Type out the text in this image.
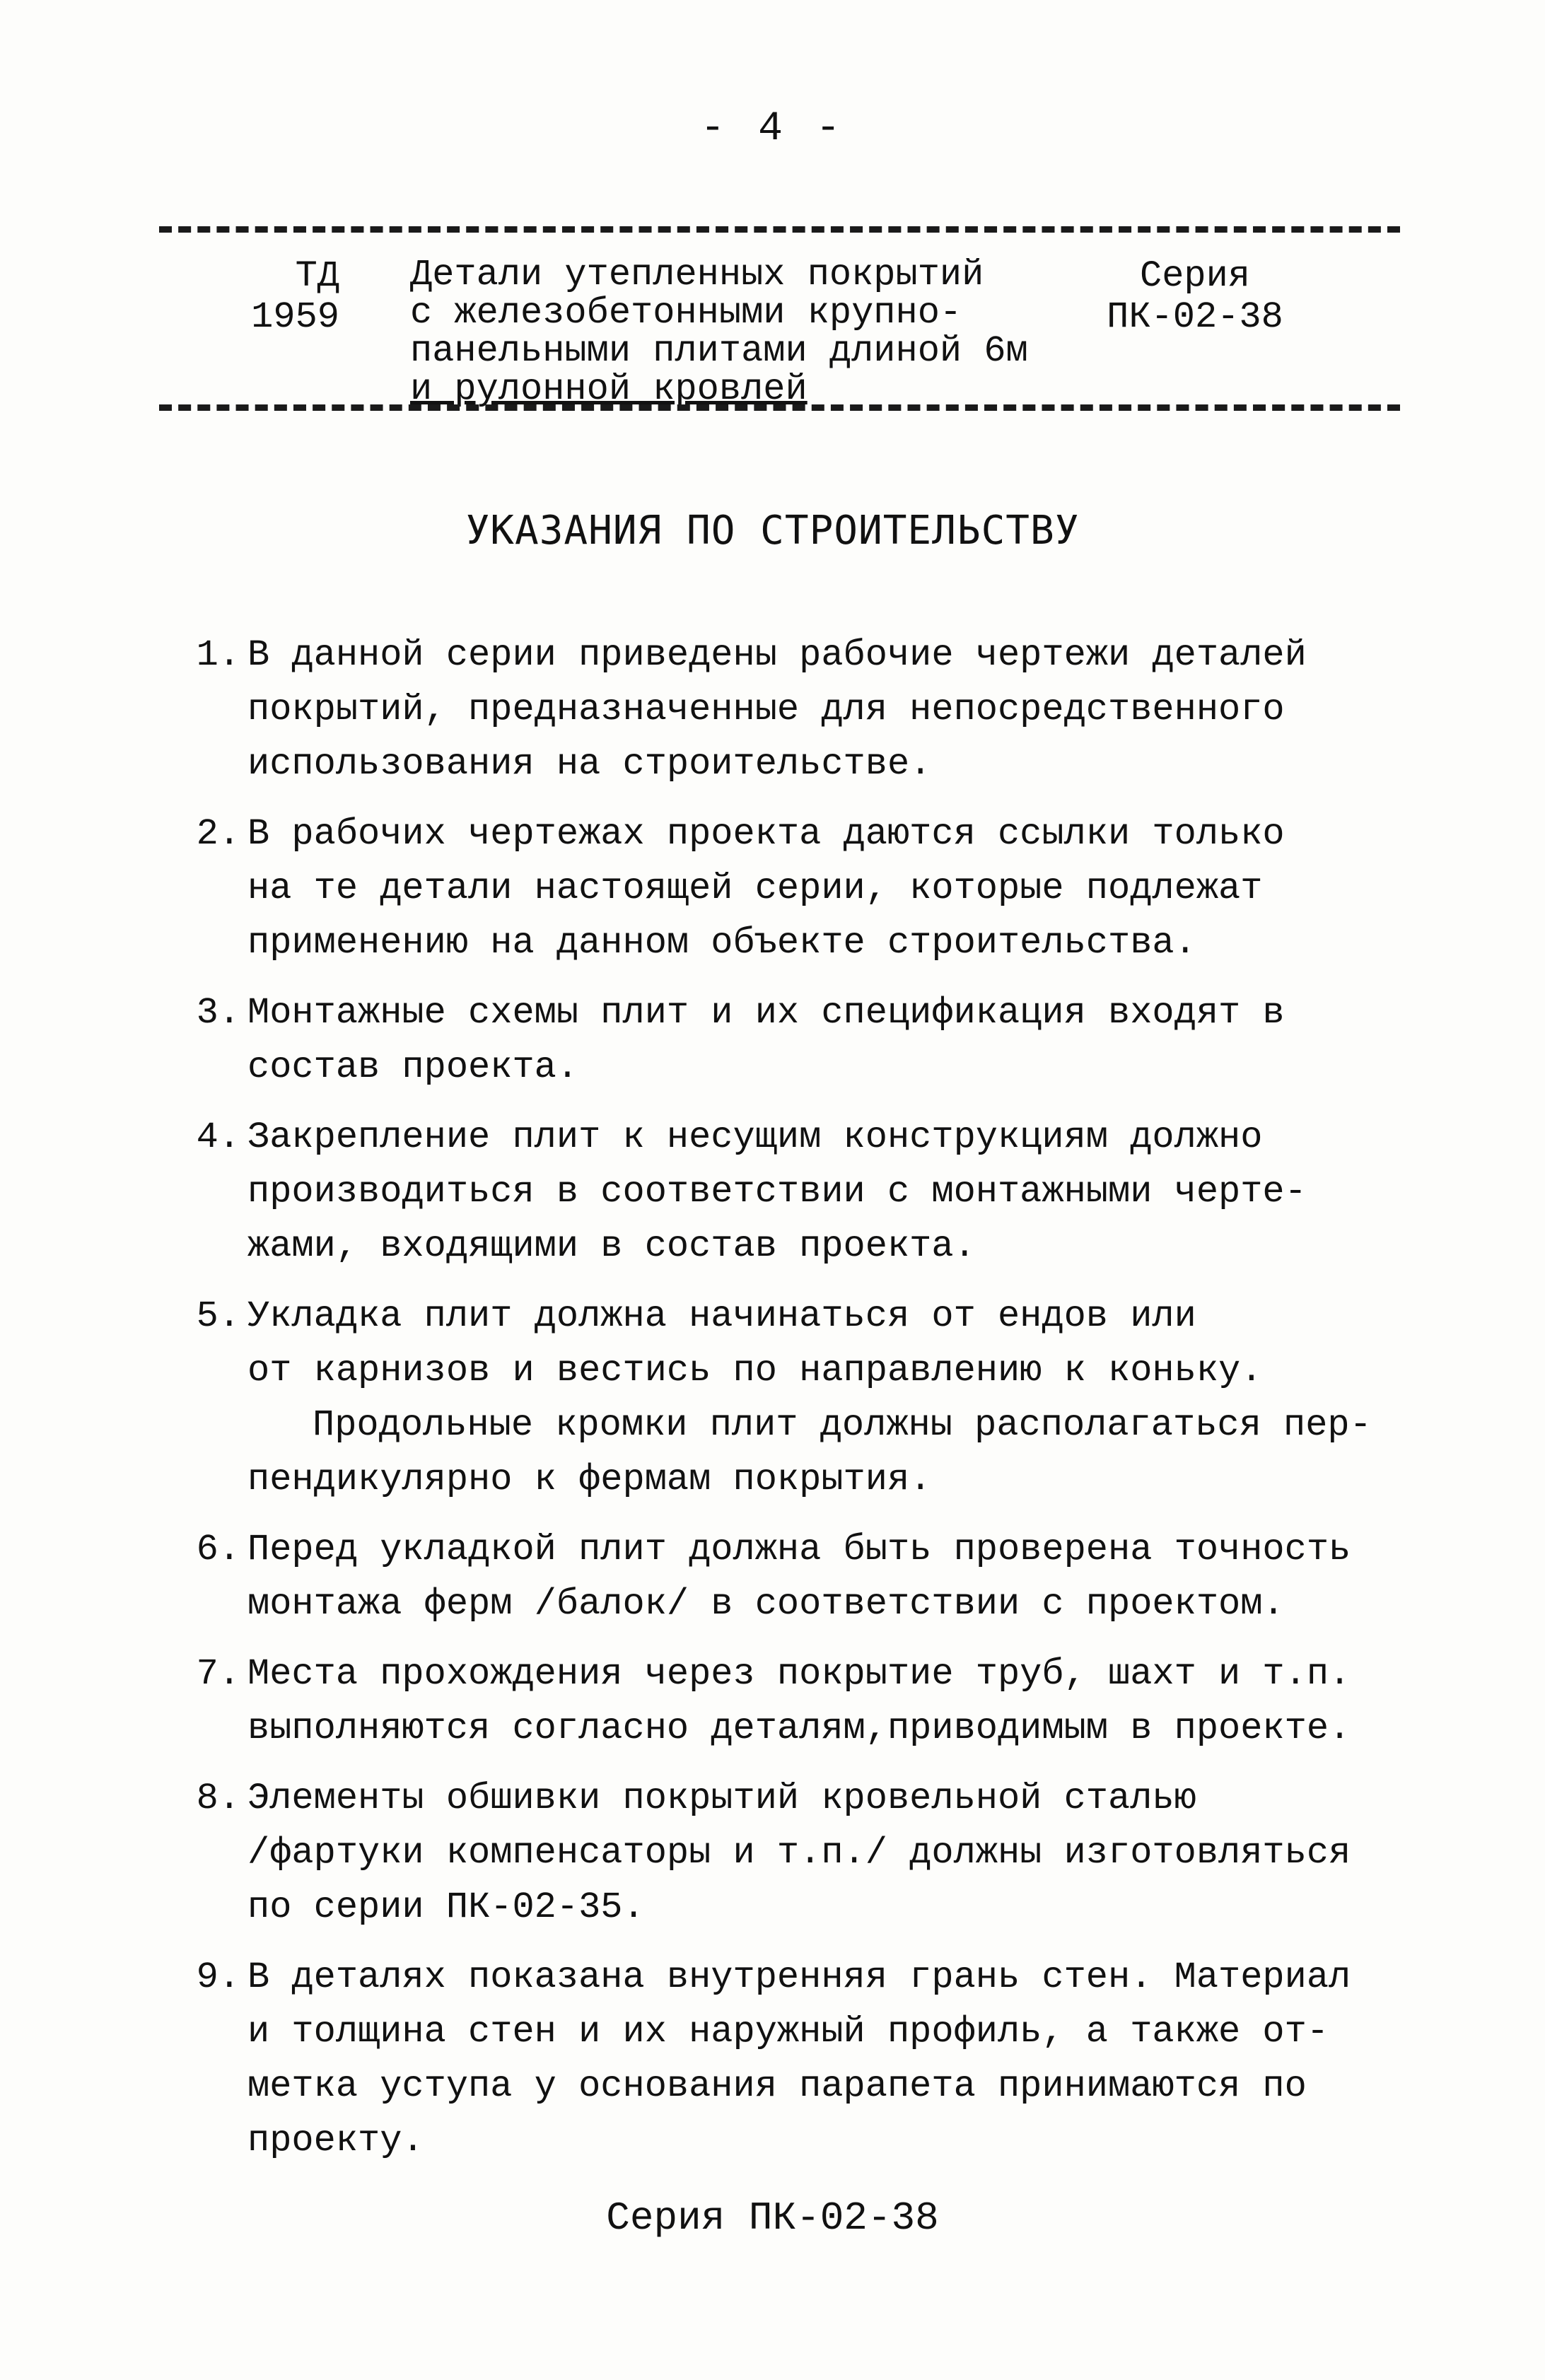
- 4 -
ТД
1959
Детали утепленных покрытий
с железобетонными крупно-
панельными плитами длиной 6м
и рулонной кровлей
Серия
ПК-02-38
УКАЗАНИЯ ПО СТРОИТЕЛЬСТВУ
1. В данной серии приведены рабочие чертежи деталей
покрытий, предназначенные для непосредственного
использования на строительстве.
2. В рабочих чертежах проекта даются ссылки только
на те детали настоящей серии, которые подлежат
применению на данном объекте строительства.
3. Монтажные схемы плит и их спецификация входят в
состав проекта.
4. Закрепление плит к несущим конструкциям должно
производиться в соответствии с монтажными черте-
жами, входящими в состав проекта.
5. Укладка плит должна начинаться от ендов или
от карнизов и вестись по направлению к коньку.
Продольные кромки плит должны располагаться пер-
пендикулярно к фермам покрытия.
6. Перед укладкой плит должна быть проверена точность
монтажа ферм /балок/ в соответствии с проектом.
7. Места прохождения через покрытие труб, шахт и т.п.
выполняются согласно деталям,приводимым в проекте.
8. Элементы обшивки покрытий кровельной сталью
/фартуки компенсаторы и т.п./ должны изготовляться
по серии ПК-02-35.
9. В деталях показана внутренняя грань стен. Материал
и толщина стен и их наружный профиль, а также от-
метка уступа у основания парапета принимаются по
проекту.
Серия ПК-02-38
